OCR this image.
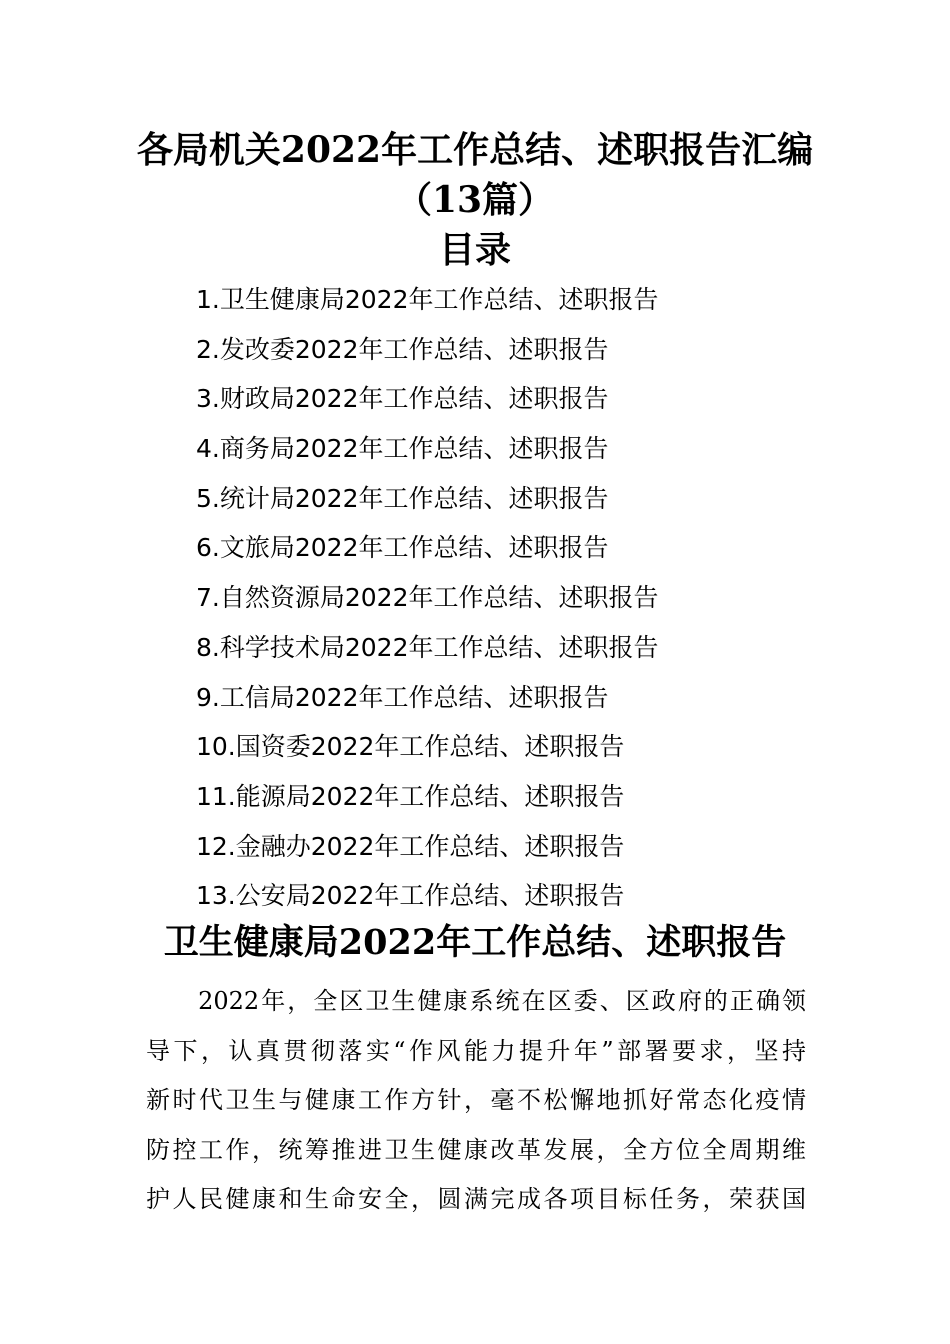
各局机关2022年工作总结、述职报告汇编
（13篇）
目录
1.卫生健康局2022年工作总结、述职报告
2.发改委2022年工作总结、述职报告
3.财政局2022年工作总结、述职报告
4.商务局2022年工作总结、述职报告
5.统计局2022年工作总结、述职报告
6.文旅局2022年工作总结、述职报告
7.自然资源局2022年工作总结、述职报告
8.科学技术局2022年工作总结、述职报告
9.工信局2022年工作总结、述职报告
10.国资委2022年工作总结、述职报告
11.能源局2022年工作总结、述职报告
12.金融办2022年工作总结、述职报告
13.公安局2022年工作总结、述职报告
卫生健康局2022年工作总结、述职报告

　　2022年，全区卫生健康系统在区委、区政府的正确领
导下，认真贯彻落实“作风能力提升年”部署要求，坚持
新时代卫生与健康工作方针，毫不松懈地抓好常态化疫情
防控工作，统筹推进卫生健康改革发展，全方位全周期维
护人民健康和生命安全，圆满完成各项目标任务，荣获国
